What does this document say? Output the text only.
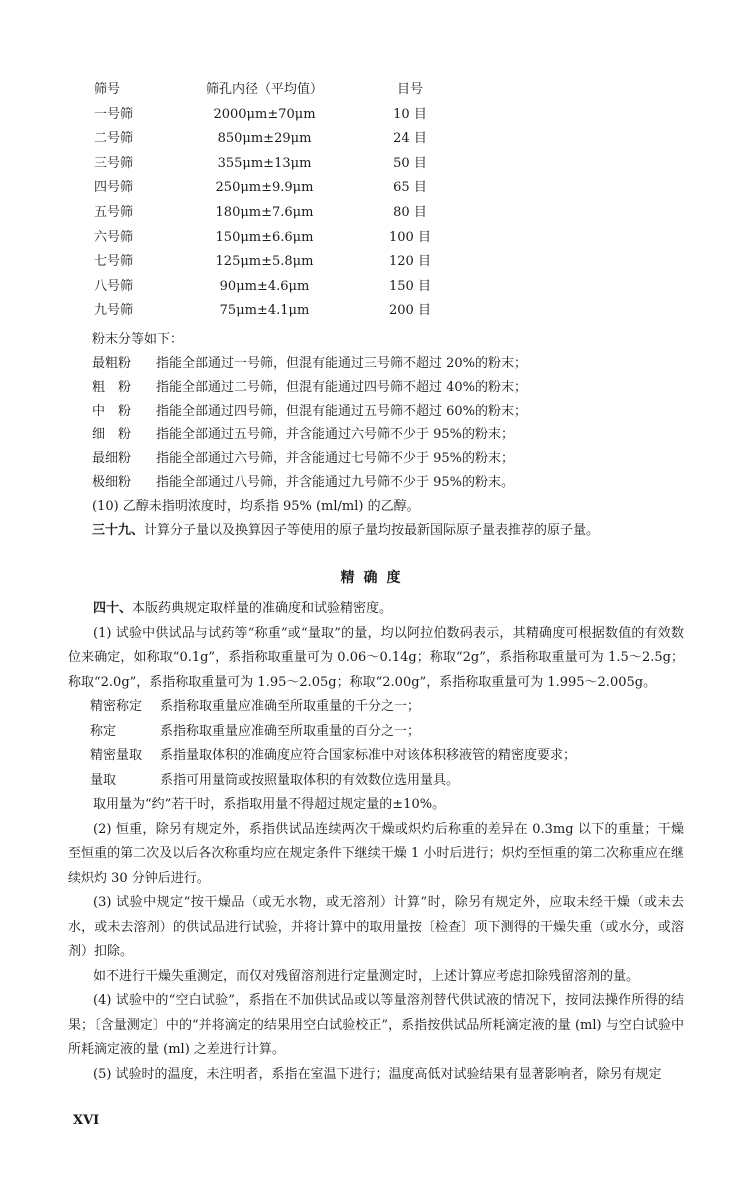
筛号	筛孔内径（平均值）	目号
一号筛	2000μm±70μm	10 目
二号筛	850μm±29μm	24 目
三号筛	355μm±13μm	50 目
四号筛	250μm±9.9μm	65 目
五号筛	180μm±7.6μm	80 目
六号筛	150μm±6.6μm	100 目
七号筛	125μm±5.8μm	120 目
八号筛	90μm±4.6μm	150 目
九号筛	75μm±4.1μm	200 目
粉末分等如下：
最粗粉 指能全部通过一号筛，但混有能通过三号筛不超过 20%的粉末；
粗　粉 指能全部通过二号筛，但混有能通过四号筛不超过 40%的粉末；
中　粉 指能全部通过四号筛，但混有能通过五号筛不超过 60%的粉末；
细　粉 指能全部通过五号筛，并含能通过六号筛不少于 95%的粉末；
最细粉 指能全部通过六号筛，并含能通过七号筛不少于 95%的粉末；
极细粉 指能全部通过八号筛，并含能通过九号筛不少于 95%的粉末。
(10) 乙醇未指明浓度时，均系指 95% (ml/ml) 的乙醇。
三十九、计算分子量以及换算因子等使用的原子量均按最新国际原子量表推荐的原子量。
精确度

四十、本版药典规定取样量的准确度和试验精密度。

(1) 试验中供试品与试药等“称重”或“量取”的量，均以阿拉伯数码表示，其精确度可根据数值的有效数位来确定，如称取“0.1g”，系指称取重量可为 0.06～0.14g；称取“2g”，系指称取重量可为 1.5～2.5g；称取“2.0g”，系指称取重量可为 1.95～2.05g；称取“2.00g”，系指称取重量可为 1.995～2.005g。

精密称定 系指称取重量应准确至所取重量的千分之一；
称定	系指称取重量应准确至所取重量的百分之一；
精密量取 系指量取体积的准确度应符合国家标准中对该体积移液管的精密度要求；
量取	系指可用量筒或按照量取体积的有效数位选用量具。

取用量为“约”若干时，系指取用量不得超过规定量的±10%。

(2) 恒重，除另有规定外，系指供试品连续两次干燥或炽灼后称重的差异在 0.3mg 以下的重量；干燥至恒重的第二次及以后各次称重均应在规定条件下继续干燥 1 小时后进行；炽灼至恒重的第二次称重应在继续炽灼 30 分钟后进行。

(3) 试验中规定“按干燥品（或无水物，或无溶剂）计算”时，除另有规定外，应取未经干燥（或未去水，或未去溶剂）的供试品进行试验，并将计算中的取用量按〔检查〕项下测得的干燥失重（或水分，或溶剂）扣除。

如不进行干燥失重测定，而仅对残留溶剂进行定量测定时，上述计算应考虑扣除残留溶剂的量。

(4) 试验中的“空白试验”，系指在不加供试品或以等量溶剂替代供试液的情况下，按同法操作所得的结果；〔含量测定〕中的“并将滴定的结果用空白试验校正”，系指按供试品所耗滴定液的量 (ml) 与空白试验中所耗滴定液的量 (ml) 之差进行计算。

(5) 试验时的温度，未注明者，系指在室温下进行；温度高低对试验结果有显著影响者，除另有规定

XVI
